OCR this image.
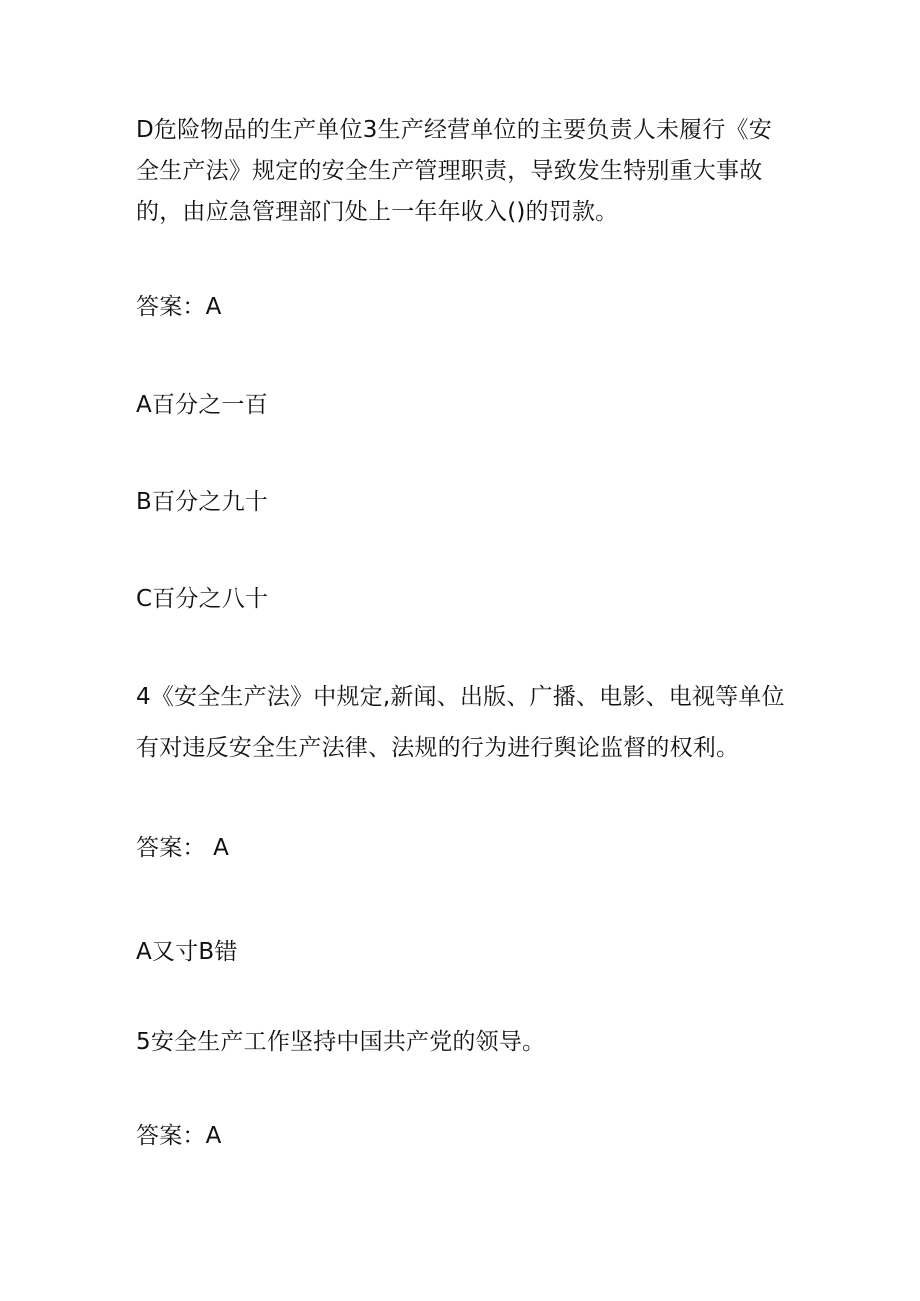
D危险物品的生产单位3生产经营单位的主要负责人未履行《安
全生产法》规定的安全生产管理职责，导致发生特别重大事故
的，由应急管理部门处上一年年收入()的罚款。
答案：A
A百分之一百
B百分之九十
C百分之八十
4《安全生产法》中规定,新闻、出版、广播、电影、电视等单位
有对违反安全生产法律、法规的行为进行舆论监督的权利。
答案： A
A又寸B错
5安全生产工作坚持中国共产党的领导。
答案：A
